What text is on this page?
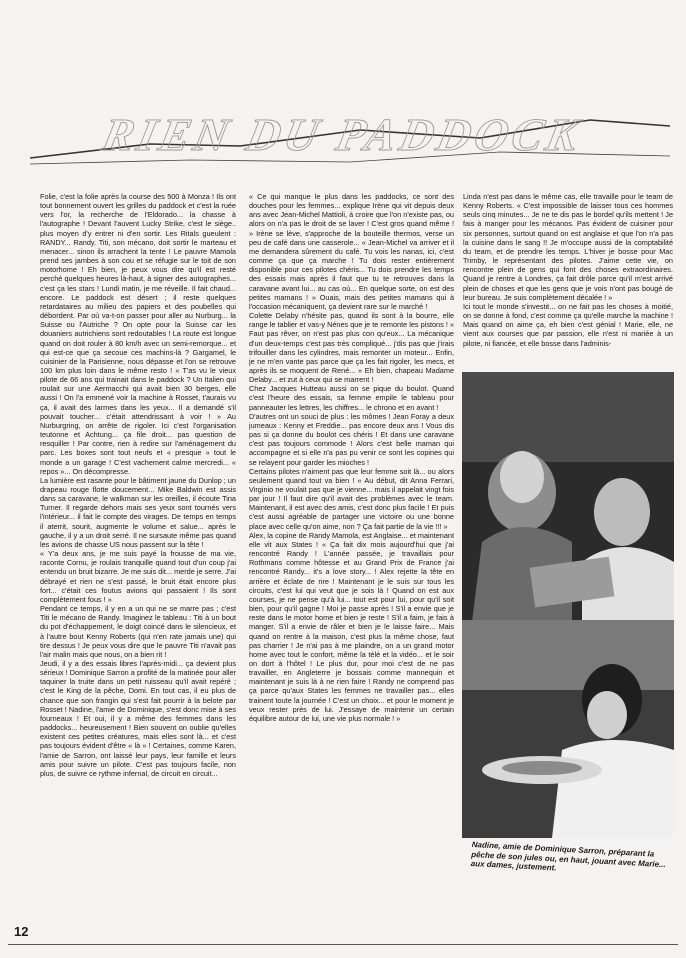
RIEN DU PADDOCK

Folie, c'est la folie après la course des 500 à Monza ! Ils ont tout bonnement ouvert les grilles du paddock et c'est la ruée vers l'or, la recherche de l'Eldorado... la chasse à l'autographe ! Devant l'auvent Lucky Strike, c'est le siège.. plus moyen d'y entrer ni d'en sortir. Les Ritals gueulent : RANDY... Randy. Titi, son mécano, doit sortir le marteau et menacer... sinon ils arrachent la tente ! Le pauvre Mamola prend ses jambes à son cou et se réfugie sur le toit de son motorhome ! Eh bien, je peux vous dire qu'il est resté perché quelques heures là-haut, à signer des autographes... c'est ça les stars ! Lundi matin, je me réveille. Il fait chaud... encore. Le paddock est désert ; il reste quelques retardataires au milieu des papiers et des poubelles qui débordent. Par où va-t-on passer pour aller au Nurburg... la Suisse ou l'Autriche ? On opte pour la Suisse car les douaniers autrichiens sont redoutables ! La route est longue quand on doit rouler à 80 km/h avec un semi-remorque... et qui est-ce que ça secoue ces machins-là ? Gargamel, le cuisinier de la Parisienne, nous dépasse et l'on se retrouve 100 km plus loin dans le même resto ! « T'as vu le vieux pilote de 66 ans qui trainait dans le paddock ? Un Italien qui roulait sur une Aermacchi qui avait bien 30 berges, elle aussi ! On l'a emmené voir la machine à Rosset, t'aurais vu ça, il avait des larmes dans les yeux... Il a demandé s'il pouvait toucher... c'était attendrissant à voir ! » Au Nurburgring, on arrête de rigoler. Ici c'est l'organisation teutonne et Achtung... ça file droit... pas question de resquiller ! Par contre, rien à redire sur l'aménagement du parc. Les boxes sont tout neufs et « presque » tout le monde a un garage ! C'est vachement calme mercredi... « repos »... On décompresse.

La lumière est rasante pour le bâtiment jaune du Dunlop ; un drapeau rouge flotte doucement... Mike Baldwin est assis dans sa caravane, le walkman sur les oreilles, il écoute Tina Turner. Il regarde dehors mais ses yeux sont tournés vers l'intérieur... il fait le compte des virages. De temps en temps il aterrit, sourit, augmente le volume et salue... après le gauche, il y a un droit serré. Il ne sursaute même pas quand les avions de chasse US nous passent sur la tête !

« Y'a deux ans, je me suis payé la frousse de ma vie, raconte Cornu, je roulais tranquille quand tout d'un coup j'ai entendu un bruit bizarre. Je me suis dit... merde je serre. J'ai débrayé et rien ne s'est passé, le bruit était encore plus fort... c'était ces foutus avions qui passaient ! Ils sont complètement fous ! »

Pendant ce temps, il y en a un qui ne se marre pas ; c'est Titi le mécano de Randy. Imaginez le tableau : Titi à un bout du pot d'échappement, le doigt coincé dans le silencieux, et à l'autre bout Kenny Roberts (qui n'en rate jamais une) qui tire dessus ! Je peux vous dire que le pauvre Titi n'avait pas l'air malin mais que nous, on a bien rit !

Jeudi, il y a des essais libres l'après-midi... ça devient plus sérieux ! Dominique Sarron a profité de la matinée pour aller taquiner la truite dans un petit ruisseau qu'il avait repéré ; c'est le King de la pêche, Domi. En tout cas, il eu plus de chance que son frangin qui s'est fait pourrir à la belote par Rosset ! Nadine, l'amie de Dominique, s'est donc mise à ses fourneaux ! Et oui, il y a même des femmes dans les paddocks... heureusement ! Bien souvent on oublie qu'elles existent ces petites créatures, mais elles sont là... et c'est pas toujours évident d'être « là » ! Certaines, comme Karen, l'amie de Sarron, ont laissé leur pays, leur famille et leurs amis pour suivre un pilote. C'est pas toujours facile, non plus, de suivre ce rythme infernal, de circuit en circuit...

« Ce qui manque le plus dans les paddocks, ce sont des douches pour les femmes... explique Irène qui vit depuis deux ans avec Jean-Michel Mattioli, à croire que l'on n'existe pas, ou alors on n'a pas le droit de se laver ! C'est gros quand même ! » Irène se lève, s'approche de la bouteille thermos, verse un peu de café dans une casserole... « Jean-Michel va arriver et il me demandera sûrement du café. Tu vois les nanas, ici, c'est comme ça que ça marche ! Tu dois rester entièrement disponible pour ces pilotes chéris... Tu dois prendre les temps des essais mais après il faut que tu te retrouves dans la caravane avant lui... au cas où... En quelque sorte, on est des petites mamans ! » Ouais, mais des petites mamans qui à l'occasion mécaniquent, ça devient rare sur le marché !

Colette Delaby n'hésite pas, quand ils sont à la bourre, elle range le tablier et vas-y Nénes que je te remonte les pistons ! » Faut pas rêver, on n'est pas plus con qu'eux... La mécanique d'un deux-temps c'est pas très compliqué... j'dis pas que j'irais trifouiller dans les cylindres, mais remonter un moteur... Enfin, je ne m'en vante pas parce que ça les fait rigoler, les mecs, et après ils se moquent de René... » Eh bien, chapeau Madame Delaby... et zut à ceux qui se marrent !

Chez Jacques Hutteau aussi on se pique du boulot. Quand c'est l'heure des essais, sa femme empile le tableau pour panneauter les lettres, les chiffres... le chrono et en avant !

D'autres ont un souci de plus : les mômes ! Jean Foray a deux jumeaux : Kenny et Freddie... pas encore deux ans ! Vous dis pas si ça donne du boulot ces chéris ! Et dans une caravane c'est pas toujours commode ! Alors c'est belle maman qui accompagne et si elle n'a pas pu venir ce sont les copines qui se relayent pour garder les mioches !

Certains pilotes n'aiment pas que leur femme soit là... ou alors seulement quand tout va bien ! « Au début, dit Anna Ferrari, Virginio ne voulait pas que je vienne... mais il appelait vingt fois par jour ! Il faut dire qu'il avait des problèmes avec le team. Maintenant, il est avec des amis, c'est donc plus facile ! Et puis c'est aussi agréable de partager une victoire ou une bonne place avec celle qu'on aime, non ? Ça fait partie de la vie !!! »

Alex, la copine de Randy Mamola, est Anglaise... et maintenant elle vit aux States ! « Ça fait dix mois aujourd'hui que j'ai rencontré Randy ! L'année passée, je travaillais pour Rothmans comme hôtesse et au Grand Prix de France j'ai rencontré Randy... it's a love story... ! Alex rejette la tête en arrière et éclate de rire ! Maintenant je le suis sur tous les circuits, c'est lui qui veut que je sois là ! Quand on est aux courses, je ne pense qu'à lui... tout est pour lui, pour qu'il soit bien, pour qu'il gagne ! Moi je passe après ! S'il a envie que je reste dans le motor home et bien je reste ! S'il a faim, je fais à manger. S'il a envie de râler et bien je le laisse faire... Mais quand on rentre à la maison, c'est plus la même chose, faut pas charrier ! Je n'ai pas à me plaindre, on a un grand motor home avec tout le confort, même la télé et la vidéo... et le soir on dort à l'hôtel ! Le plus dur, pour moi c'est de ne pas travailler, en Angleterre je bossais comme mannequin et maintenant je suis là à ne rien faire ! Randy ne comprend pas ça parce qu'aux States les femmes ne travailler pas... elles trainent toute la journée ! C'est un choix... et pour le moment je veux rester près de lui. J'essaye de maintenir un certain équilibre autour de lui, une vie plus normale ! »

Linda n'est pas dans le même cas, elle travaille pour le team de Kenny Roberts. « C'est impossible de laisser tous ces hommes seuls cinq minutes... Je ne te dis pas le bordel qu'ils mettent ! Je fais à manger pour les mécanos. Pas évident de cuisiner pour six personnes, surtout quand on est anglaise et que l'on n'a pas la cuisine dans le sang !! Je m'occupe aussi de la comptabilité du team, et de prendre les temps. L'hiver je bosse pour Mac Trimby, le représentant des pilotes. J'aime cette vie, on rencontre plein de gens qui font des choses extraordinaires. Quand je rentre à Londres, ça fait drôle parce qu'il m'est arrivé plein de choses et que les gens que je vois n'ont pas bougé de leur bureau. Je suis complètement décalée ! »

Ici tout le monde s'investit... on ne fait pas les choses à moitié, on se donne à fond, c'est comme ça qu'elle marche la machine ! Mais quand on aime ça, eh bien c'est génial ! Marie, elle, ne vient aux courses que par passion, elle n'est ni mariée à un pilote, ni fiancée, et elle bosse dans l'adminis-

Nadine, amie de Dominique Sarron, préparant la pêche de son jules ou, en haut, jouant avec Marie... aux dames, justement.
12
